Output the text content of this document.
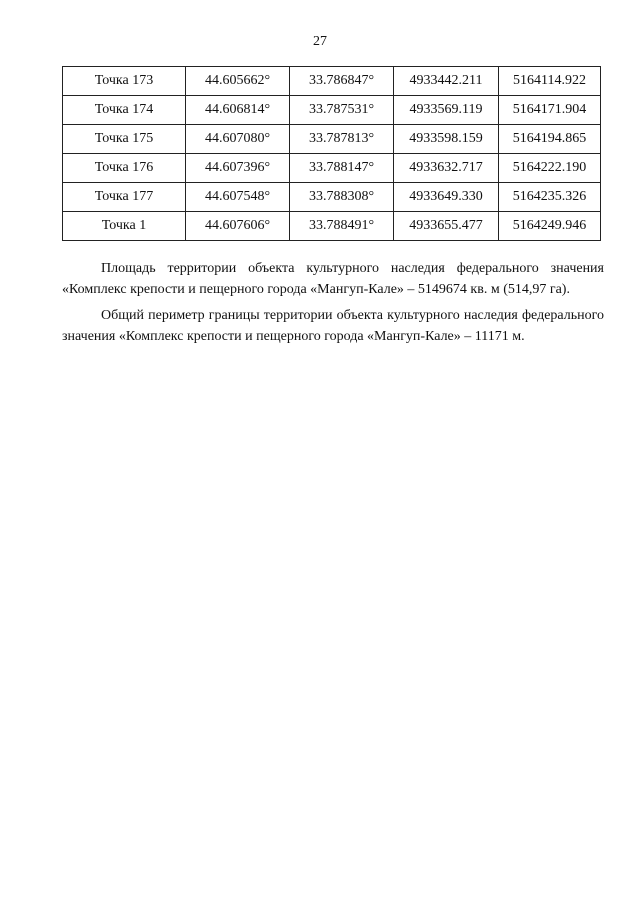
27
Точка 173	44.605662°	33.786847°	4933442.211	5164114.922
Точка 174	44.606814°	33.787531°	4933569.119	5164171.904
Точка 175	44.607080°	33.787813°	4933598.159	5164194.865
Точка 176	44.607396°	33.788147°	4933632.717	5164222.190
Точка 177	44.607548°	33.788308°	4933649.330	5164235.326
Точка 1	44.607606°	33.788491°	4933655.477	5164249.946

Площадь территории объекта культурного наследия федерального значения «Комплекс крепости и пещерного города «Мангуп-Кале» – 5149674 кв. м (514,97 га).

Общий периметр границы территории объекта культурного наследия федерального значения «Комплекс крепости и пещерного города «Мангуп-Кале» – 11171 м.
